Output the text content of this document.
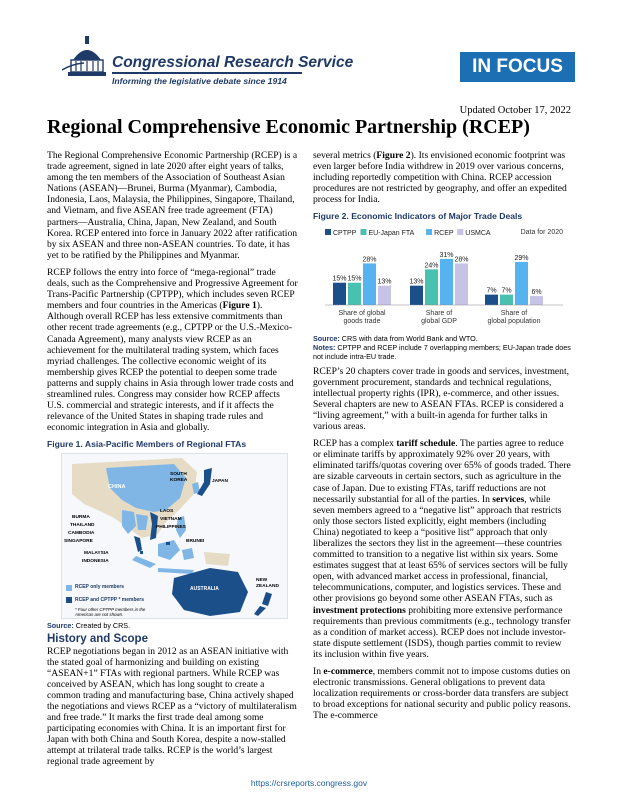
Congressional Research Service
Informing the legislative debate since 1914
IN FOCUS
Updated October 17, 2022
Regional Comprehensive Economic Partnership (RCEP)

The Regional Comprehensive Economic Partnership (RCEP) is a trade agreement, signed in late 2020 after eight years of talks, among the ten members of the Association of Southeast Asian Nations (ASEAN)—Brunei, Burma (Myanmar), Cambodia, Indonesia, Laos, Malaysia, the Philippines, Singapore, Thailand, and Vietnam, and five ASEAN free trade agreement (FTA) partners—Australia, China, Japan, New Zealand, and South Korea. RCEP entered into force in January 2022 after ratification by six ASEAN and three non-ASEAN countries. To date, it has yet to be ratified by the Philippines and Myanmar.

RCEP follows the entry into force of “mega-regional” trade deals, such as the Comprehensive and Progressive Agreement for Trans-Pacific Partnership (CPTPP), which includes seven RCEP members and four countries in the Americas (Figure 1). Although overall RCEP has less extensive commitments than other recent trade agreements (e.g., CPTPP or the U.S.-Mexico-Canada Agreement), many analysts view RCEP as an achievement for the multilateral trading system, which faces myriad challenges. The collective economic weight of its membership gives RCEP the potential to deepen some trade patterns and supply chains in Asia through lower trade costs and streamlined rules. Congress may consider how RCEP affects U.S. commercial and strategic interests, and if it affects the relevance of the United States in shaping trade rules and economic integration in Asia and globally.

Figure 1. Asia-Pacific Members of Regional FTAs
CHINA
SOUTH KOREA	JAPAN
LAOS
BURMA	VIETNAM
THAILAND	PHILIPPINES
CAMBODIA
SINGAPORE	BRUNEI
MALAYSIA
INDONESIA
AUSTRALIA
NEW ZEALAND
RCEP only members
RCEP and CPTPP * members
* Four other CPTPP members in the Americas are not shown.
Source: Created by CRS.
History and Scope

RCEP negotiations began in 2012 as an ASEAN initiative with the stated goal of harmonizing and building on existing “ASEAN+1” FTAs with regional partners. While RCEP was conceived by ASEAN, which has long sought to create a common trading and manufacturing base, China actively shaped the negotiations and views RCEP as a “victory of multilateralism and free trade.” It marks the first trade deal among some participating economies with China. It is an important first for Japan with both China and South Korea, despite a now-stalled attempt at trilateral trade talks. RCEP is the world’s largest regional trade agreement by

several metrics (Figure 2). Its envisioned economic footprint was even larger before India withdrew in 2019 over various concerns, including reportedly competition with China. RCEP accession procedures are not restricted by geography, and offer an expedited process for India.

Figure 2. Economic Indicators of Major Trade Deals
CPTPP EU-Japan FTA	RCEP USMCA	Data for 2020
15% 15%
28%
13%
Share of global
goods trade
13%
24%
31%
28%
Share of
global GDP
7% 7%
29%
6%
Share of
global population
Source: CRS with data from World Bank and WTO.
Notes: CPTPP and RCEP include 7 overlapping members; EU-Japan trade does not include intra-EU trade.

RCEP’s 20 chapters cover trade in goods and services, investment, government procurement, standards and technical regulations, intellectual property rights (IPR), e-commerce, and other issues. Several chapters are new to ASEAN FTAs. RCEP is considered a “living agreement,” with a built-in agenda for further talks in various areas.

RCEP has a complex tariff schedule. The parties agree to reduce or eliminate tariffs by approximately 92% over 20 years, with eliminated tariffs/quotas covering over 65% of goods traded. There are sizable carveouts in certain sectors, such as agriculture in the case of Japan. Due to existing FTAs, tariff reductions are not necessarily substantial for all of the parties. In services, while seven members agreed to a “negative list” approach that restricts only those sectors listed explicitly, eight members (including China) negotiated to keep a “positive list” approach that only liberalizes the sectors they list in the agreement—these countries committed to transition to a negative list within six years. Some estimates suggest that at least 65% of services sectors will be fully open, with advanced market access in professional, financial, telecommunications, computer, and logistics services. These and other provisions go beyond some other ASEAN FTAs, such as investment protections prohibiting more extensive performance requirements than previous commitments (e.g., technology transfer as a condition of market access). RCEP does not include investor-state dispute settlement (ISDS), though parties commit to review its inclusion within five years.

In e-commerce, members commit not to impose customs duties on electronic transmissions. General obligations to prevent data localization requirements or cross-border data transfers are subject to broad exceptions for national security and public policy reasons. The e-commerce

https://crsreports.congress.gov
